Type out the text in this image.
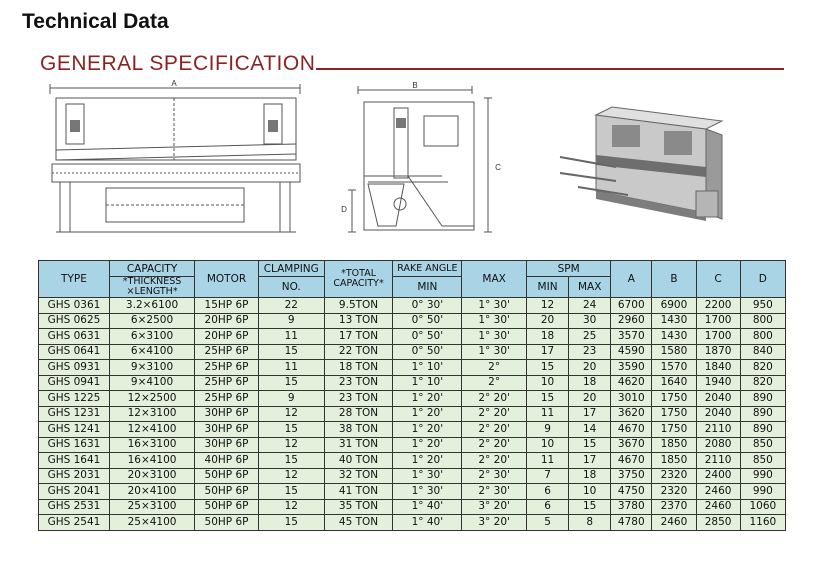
Technical Data
GENERAL SPECIFICATION
A	B
C
D
TYPE	CAPACITY	MOTOR	CLAMPING	*TOTAL CAPACITY*	RAKE ANGLE	MAX	SPM		A	B	C	D
	*THICKNESS ×LENGTH*		NO.		MIN		MIN	MAX				
GHS 0361	3.2×6100	15HP 6P	22	9.5TON	0° 30'	1° 30'	12	24	6700	6900	2200	950
GHS 0625	6×2500	20HP 6P	9	13 TON	0° 50'	1° 30'	20	30	2960	1430	1700	800
GHS 0631	6×3100	20HP 6P	11	17 TON	0° 50'	1° 30'	18	25	3570	1430	1700	800
GHS 0641	6×4100	25HP 6P	15	22 TON	0° 50'	1° 30'	17	23	4590	1580	1870	840
GHS 0931	9×3100	25HP 6P	11	18 TON	1° 10'	2°	15	20	3590	1570	1840	820
GHS 0941	9×4100	25HP 6P	15	23 TON	1° 10'	2°	10	18	4620	1640	1940	820
GHS 1225	12×2500	25HP 6P	9	23 TON	1° 20'	2° 20'	15	20	3010	1750	2040	890
GHS 1231	12×3100	30HP 6P	12	28 TON	1° 20'	2° 20'	11	17	3620	1750	2040	890
GHS 1241	12×4100	30HP 6P	15	38 TON	1° 20'	2° 20'	9	14	4670	1750	2110	890
GHS 1631	16×3100	30HP 6P	12	31 TON	1° 20'	2° 20'	10	15	3670	1850	2080	850
GHS 1641	16×4100	40HP 6P	15	40 TON	1° 20'	2° 20'	11	17	4670	1850	2110	850
GHS 2031	20×3100	50HP 6P	12	32 TON	1° 30'	2° 30'	7	18	3750	2320	2400	990
GHS 2041	20×4100	50HP 6P	15	41 TON	1° 30'	2° 30'	6	10	4750	2320	2460	990
GHS 2531	25×3100	50HP 6P	12	35 TON	1° 40'	3° 20'	6	15	3780	2370	2460	1060
GHS 2541	25×4100	50HP 6P	15	45 TON	1° 40'	3° 20'	5	8	4780	2460	2850	1160
